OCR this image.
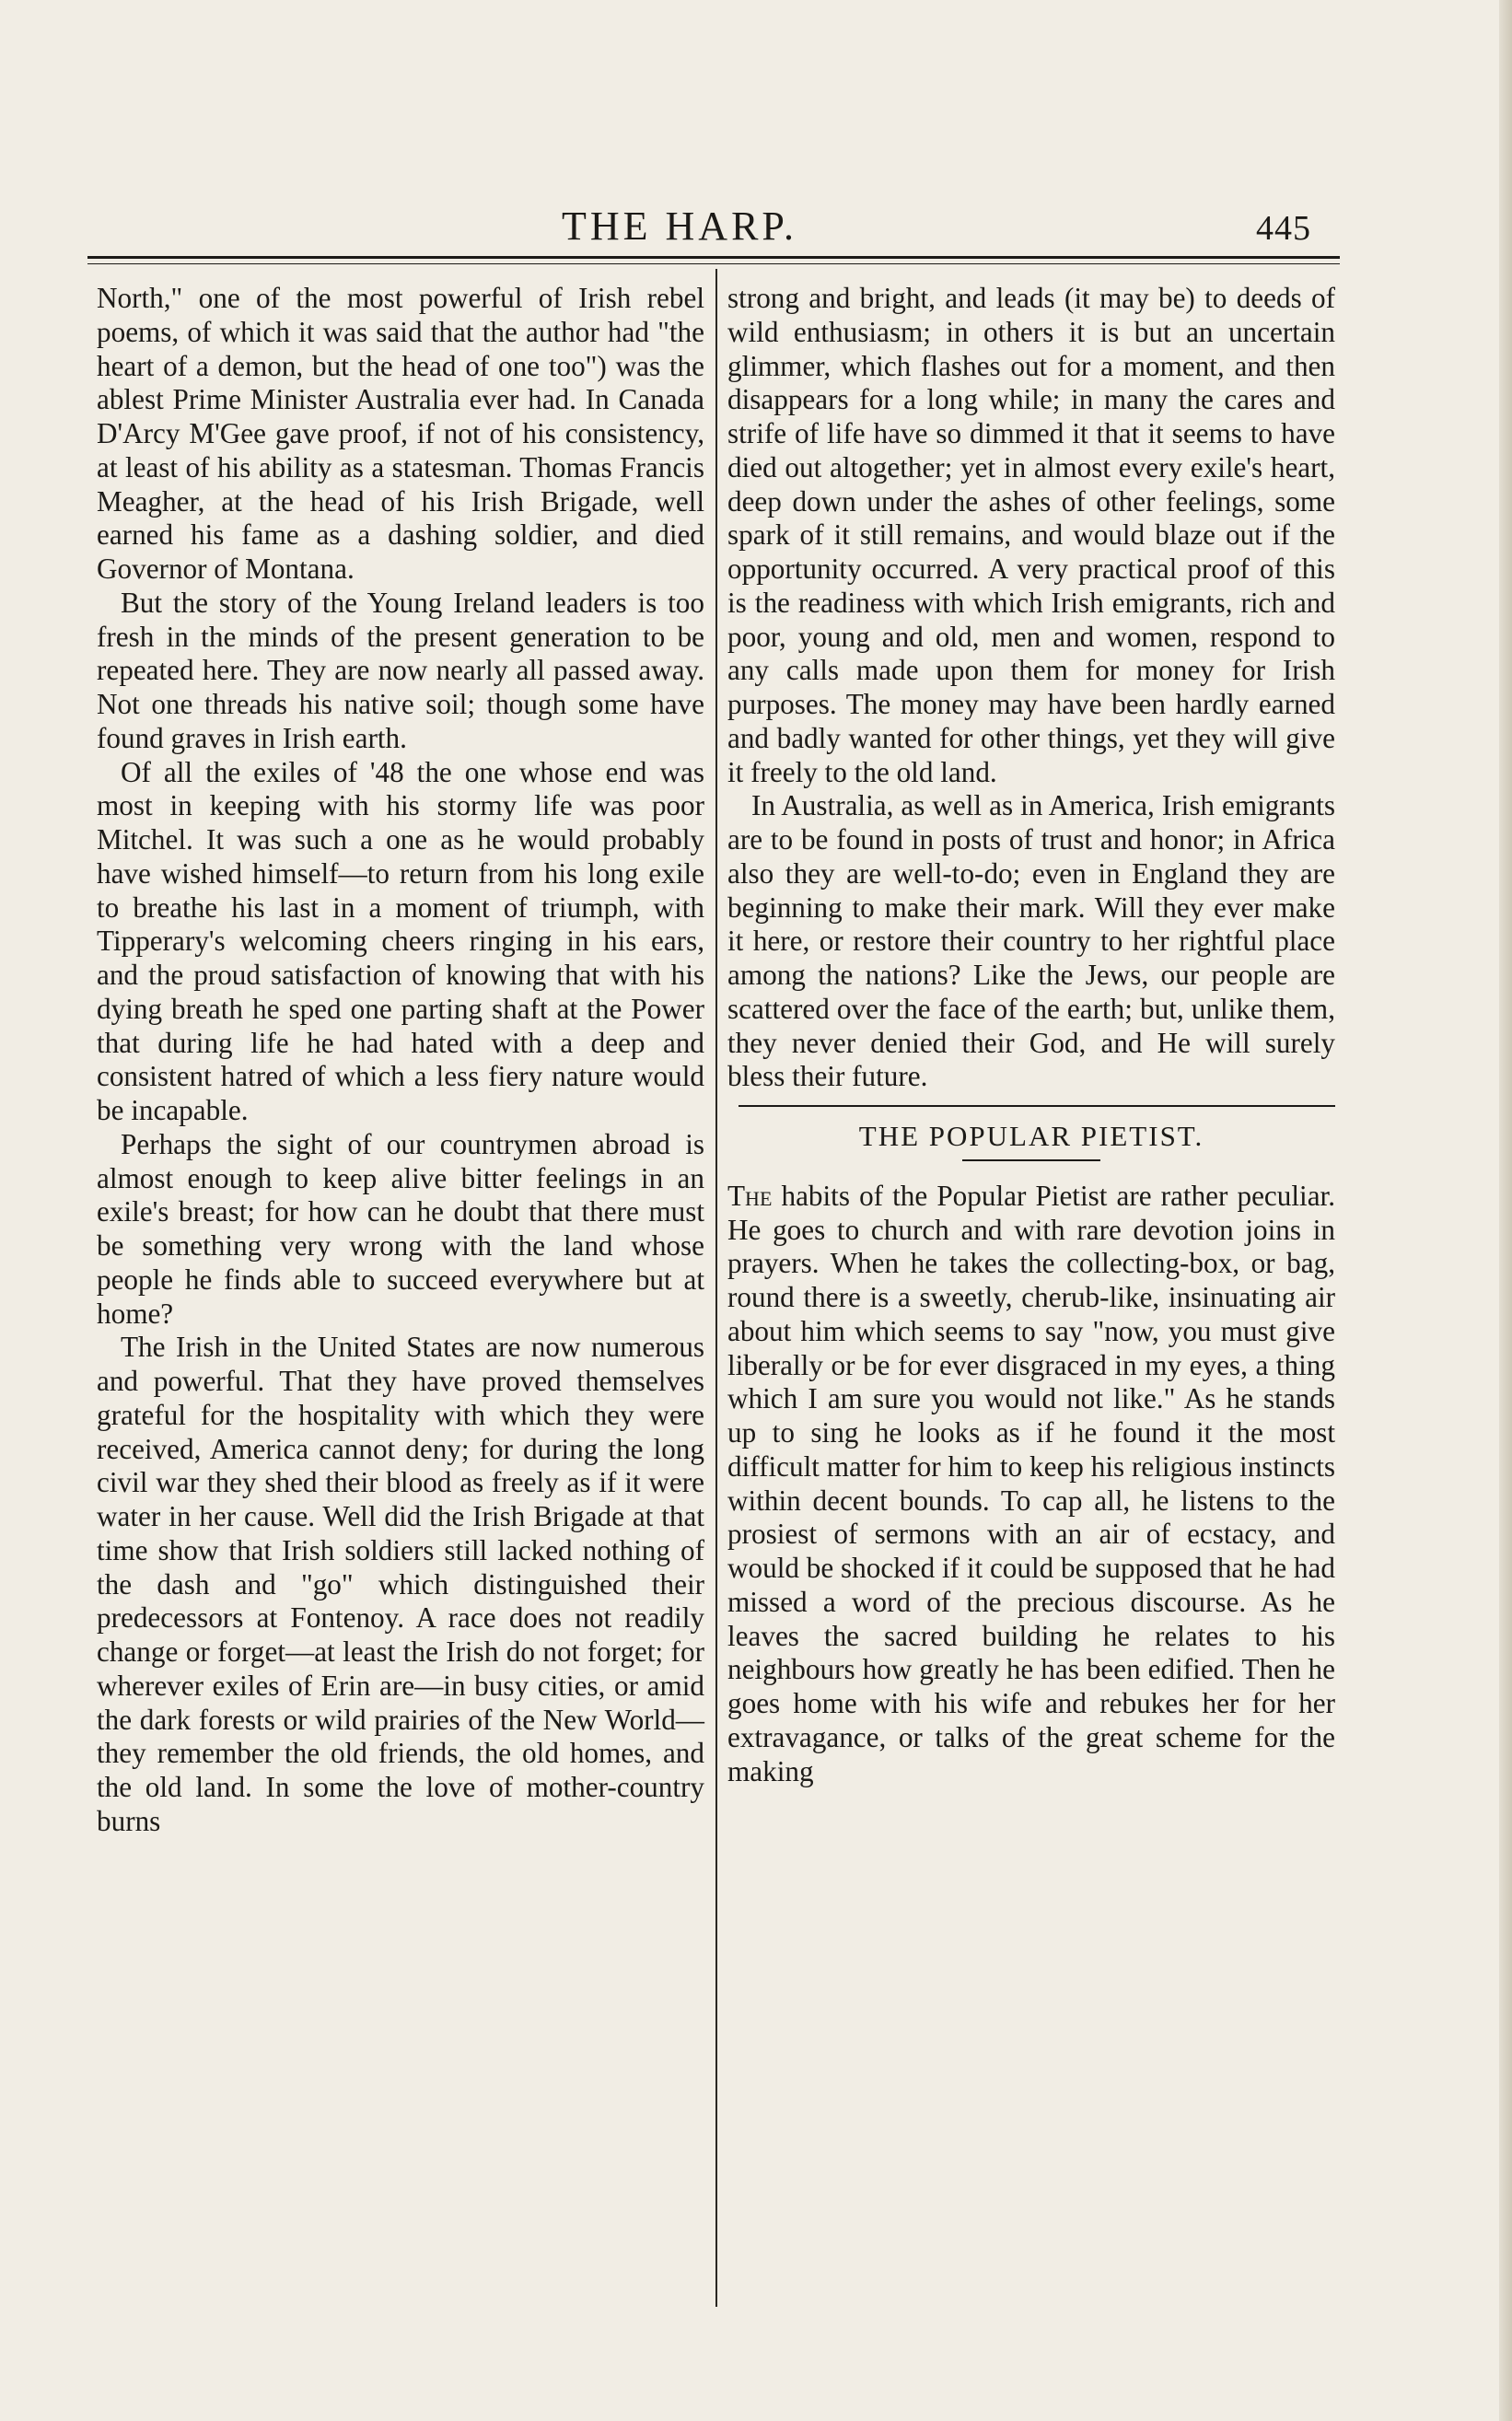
THE HARP.	445

North," one of the most powerful of Irish rebel poems, of which it was said that the author had "the heart of a demon, but the head of one too") was the ablest Prime Minister Australia ever had. In Canada D'Arcy M'Gee gave proof, if not of his consistency, at least of his ability as a statesman. Thomas Francis Meagher, at the head of his Irish Brigade, well earned his fame as a dashing soldier, and died Governor of Montana.

But the story of the Young Ireland leaders is too fresh in the minds of the present generation to be repeated here. They are now nearly all passed away. Not one threads his native soil; though some have found graves in Irish earth.

Of all the exiles of '48 the one whose end was most in keeping with his stormy life was poor Mitchel. It was such a one as he would probably have wished himself—to return from his long exile to breathe his last in a moment of triumph, with Tipperary's welcoming cheers ringing in his ears, and the proud satisfaction of knowing that with his dying breath he sped one parting shaft at the Power that during life he had hated with a deep and consistent hatred of which a less fiery nature would be incapable.

Perhaps the sight of our countrymen abroad is almost enough to keep alive bitter feelings in an exile's breast; for how can he doubt that there must be something very wrong with the land whose people he finds able to succeed everywhere but at home?

The Irish in the United States are now numerous and powerful. That they have proved themselves grateful for the hospitality with which they were received, America cannot deny; for during the long civil war they shed their blood as freely as if it were water in her cause. Well did the Irish Brigade at that time show that Irish soldiers still lacked nothing of the dash and "go" which distinguished their predecessors at Fontenoy. A race does not readily change or forget—at least the Irish do not forget; for wherever exiles of Erin are—in busy cities, or amid the dark forests or wild prairies of the New World—they remember the old friends, the old homes, and the old land. In some the love of mother-country burns

strong and bright, and leads (it may be) to deeds of wild enthusiasm; in others it is but an uncertain glimmer, which flashes out for a moment, and then disappears for a long while; in many the cares and strife of life have so dimmed it that it seems to have died out altogether; yet in almost every exile's heart, deep down under the ashes of other feelings, some spark of it still remains, and would blaze out if the opportunity occurred. A very practical proof of this is the readiness with which Irish emigrants, rich and poor, young and old, men and women, respond to any calls made upon them for money for Irish purposes. The money may have been hardly earned and badly wanted for other things, yet they will give it freely to the old land.

In Australia, as well as in America, Irish emigrants are to be found in posts of trust and honor; in Africa also they are well-to-do; even in England they are beginning to make their mark. Will they ever make it here, or restore their country to her rightful place among the nations? Like the Jews, our people are scattered over the face of the earth; but, unlike them, they never denied their God, and He will surely bless their future.

THE POPULAR PIETIST.

The habits of the Popular Pietist are rather peculiar. He goes to church and with rare devotion joins in prayers. When he takes the collecting-box, or bag, round there is a sweetly, cherub-like, insinuating air about him which seems to say "now, you must give liberally or be for ever disgraced in my eyes, a thing which I am sure you would not like." As he stands up to sing he looks as if he found it the most difficult matter for him to keep his religious instincts within decent bounds. To cap all, he listens to the prosiest of sermons with an air of ecstacy, and would be shocked if it could be supposed that he had missed a word of the precious discourse. As he leaves the sacred building he relates to his neighbours how greatly he has been edified. Then he goes home with his wife and rebukes her for her extravagance, or talks of the great scheme for the making
